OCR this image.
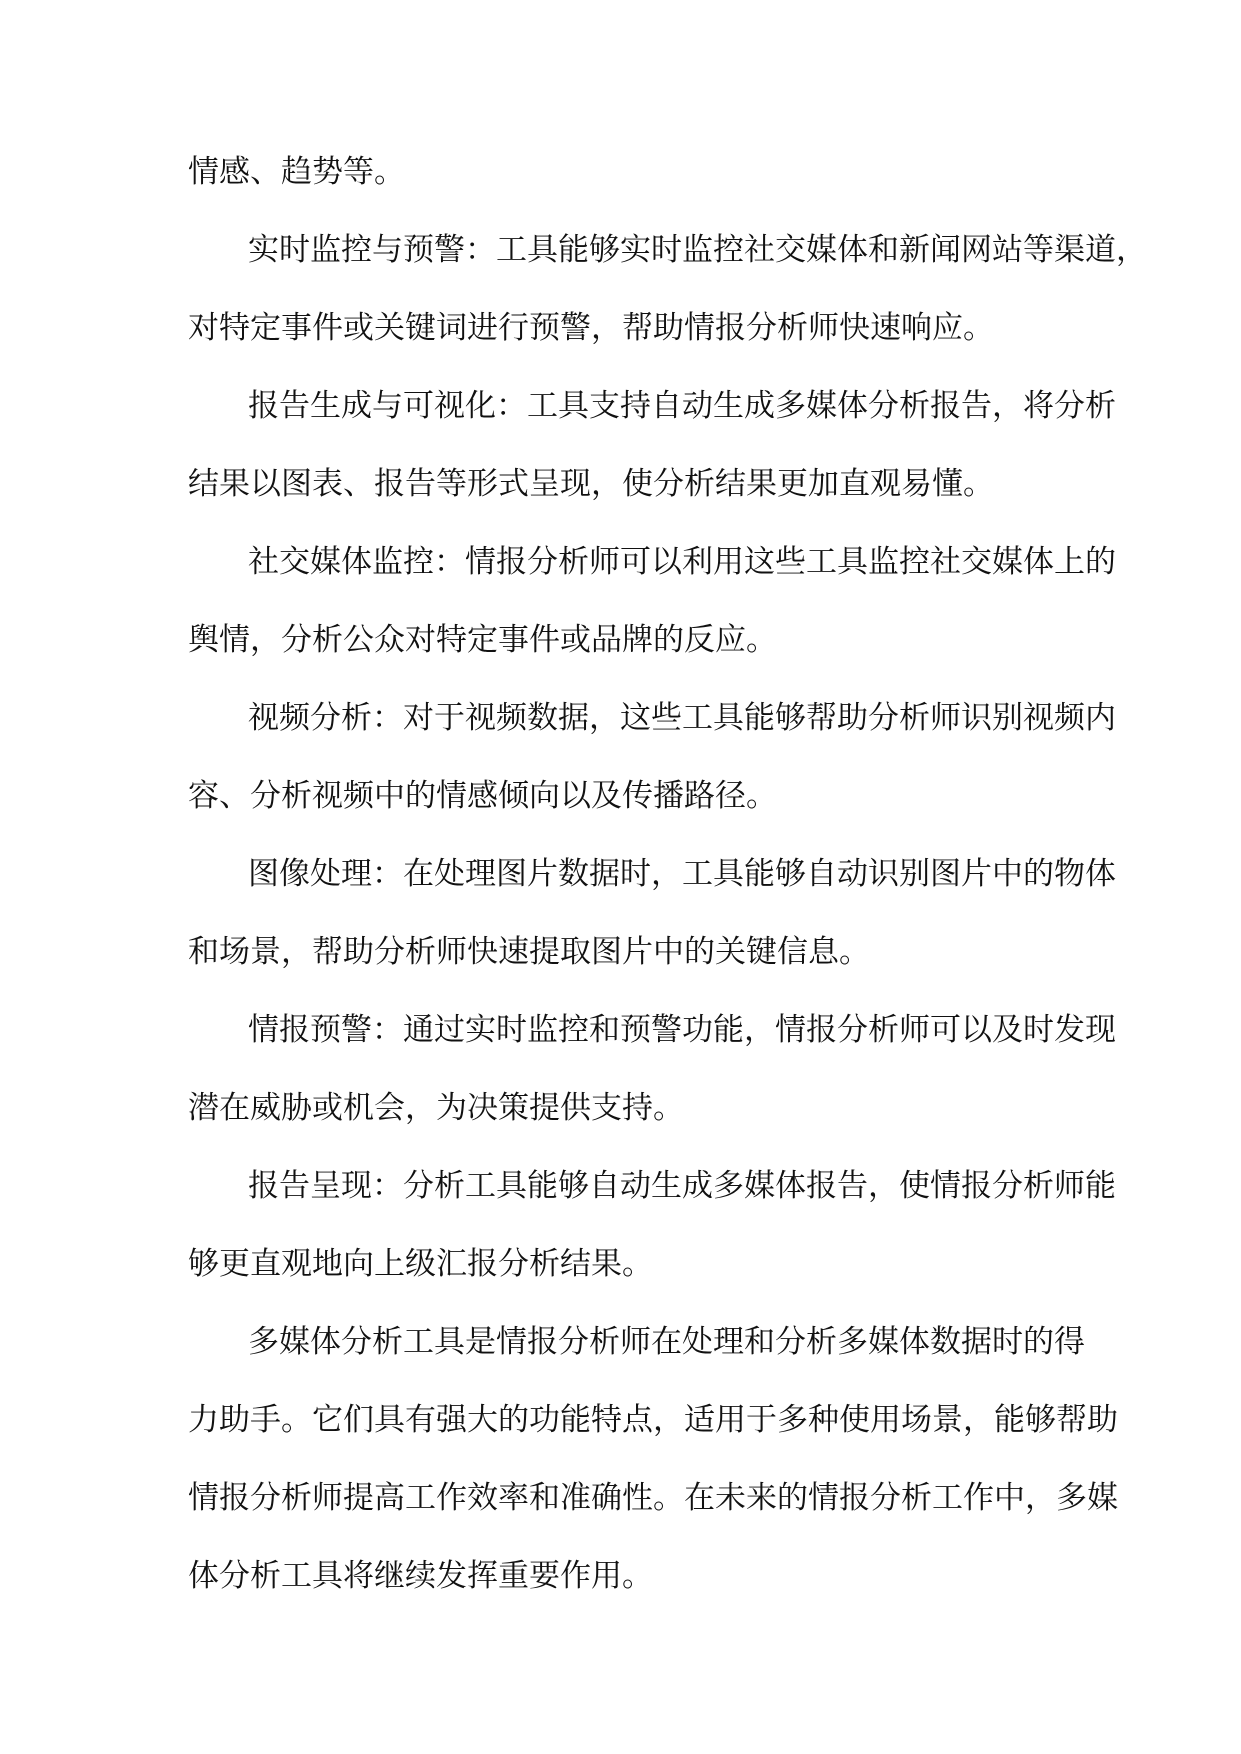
情感、趋势等。
实时监控与预警：工具能够实时监控社交媒体和新闻网站等渠道，
对特定事件或关键词进行预警，帮助情报分析师快速响应。
报告生成与可视化：工具支持自动生成多媒体分析报告，将分析
结果以图表、报告等形式呈现，使分析结果更加直观易懂。
社交媒体监控：情报分析师可以利用这些工具监控社交媒体上的
舆情，分析公众对特定事件或品牌的反应。
视频分析：对于视频数据，这些工具能够帮助分析师识别视频内
容、分析视频中的情感倾向以及传播路径。
图像处理：在处理图片数据时，工具能够自动识别图片中的物体
和场景，帮助分析师快速提取图片中的关键信息。
情报预警：通过实时监控和预警功能，情报分析师可以及时发现
潜在威胁或机会，为决策提供支持。
报告呈现：分析工具能够自动生成多媒体报告，使情报分析师能
够更直观地向上级汇报分析结果。
多媒体分析工具是情报分析师在处理和分析多媒体数据时的得
力助手。它们具有强大的功能特点，适用于多种使用场景，能够帮助
情报分析师提高工作效率和准确性。在未来的情报分析工作中，多媒
体分析工具将继续发挥重要作用。
